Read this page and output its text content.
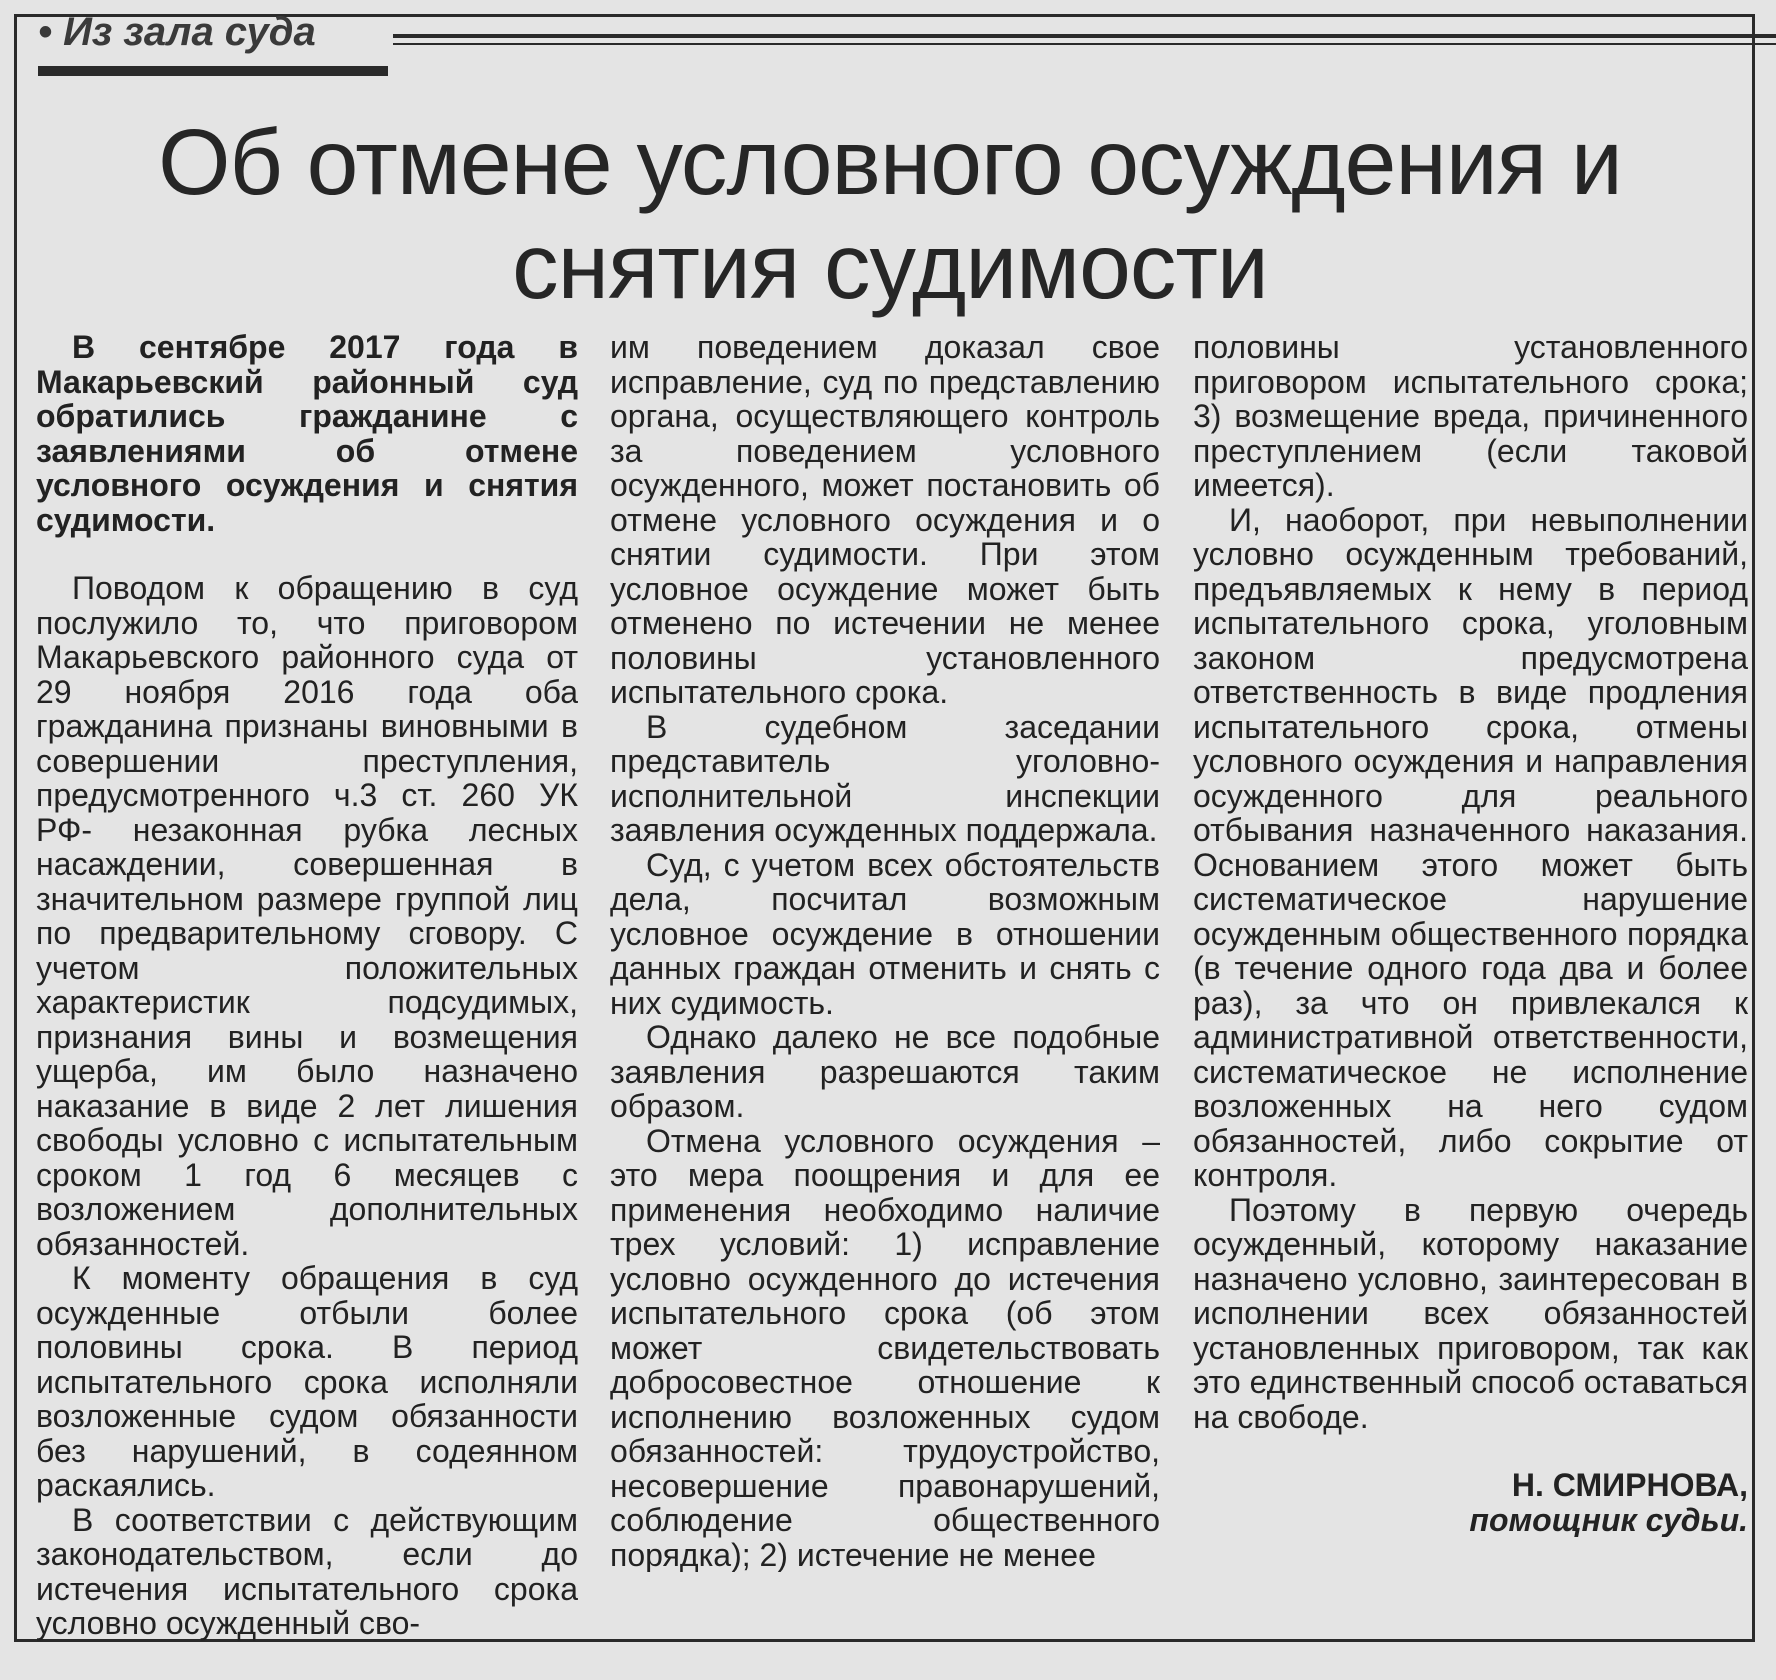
• Из зала суда
Об отмене условного осуждения и
снятия судимости

В сентябре 2017 года в Макарьевский районный суд обратились гражданине с заявлениями об отмене условного осуждения и снятия судимости.

Поводом к обращению в суд послужило то, что приговором Макарьевского районного суда от 29 ноября 2016 года оба гражданина признаны виновными в совершении преступления, предусмотренного ч.3 ст. 260 УК РФ- незаконная рубка лесных насаждении, совершенная в значительном размере группой лиц по предварительному сговору. С учетом положительных характеристик подсудимых, признания вины и возмещения ущерба, им было назначено наказание в виде 2 лет лишения свободы условно с испытательным сроком 1 год 6 месяцев с возложением дополнительных обязанностей.

К моменту обращения в суд осужденные отбыли более половины срока. В период испытательного срока исполняли возложенные судом обязанности без нарушений, в содеянном раскаялись.

В соответствии с действующим законодательством, если до истечения испытательного срока условно осужденный сво-

им поведением доказал свое исправление, суд по представлению органа, осуществляющего контроль за поведением условного осужденного, может постановить об отмене условного осуждения и о снятии судимости. При этом условное осуждение может быть отменено по истечении не менее половины установленного испытательного срока.

В судебном заседании представитель уголовно-исполнительной инспекции заявления осужденных поддержала.

Суд, с учетом всех обстоятельств дела, посчитал возможным условное осуждение в отношении данных граждан отменить и снять с них судимость.

Однако далеко не все подобные заявления разрешаются таким образом.

Отмена условного осуждения – это мера поощрения и для ее применения необходимо наличие трех условий: 1) исправление условно осужденного до истечения испытательного срока (об этом может свидетельствовать добросовестное отношение к исполнению возложенных судом обязанностей: трудоустройство, несовершение правонарушений, соблюдение общественного порядка); 2) истечение не менее

половины установленного приговором испытательного срока; 3) возмещение вреда, причиненного преступлением (если таковой имеется).

И, наоборот, при невыполнении условно осужденным требований, предъявляемых к нему в период испытательного срока, уголовным законом предусмотрена ответственность в виде продления испытательного срока, отмены условного осуждения и направления осужденного для реального отбывания назначенного наказания. Основанием этого может быть систематическое нарушение осужденным общественного порядка (в течение одного года два и более раз), за что он привлекался к административной ответственности, систематическое не исполнение возложенных на него судом обязанностей, либо сокрытие от контроля.

Поэтому в первую очередь осужденный, которому наказание назначено условно, заинтересован в исполнении всех обязанностей установленных приговором, так как это единственный способ оставаться на свободе.

Н. СМИРНОВА,
помощник судьи.
